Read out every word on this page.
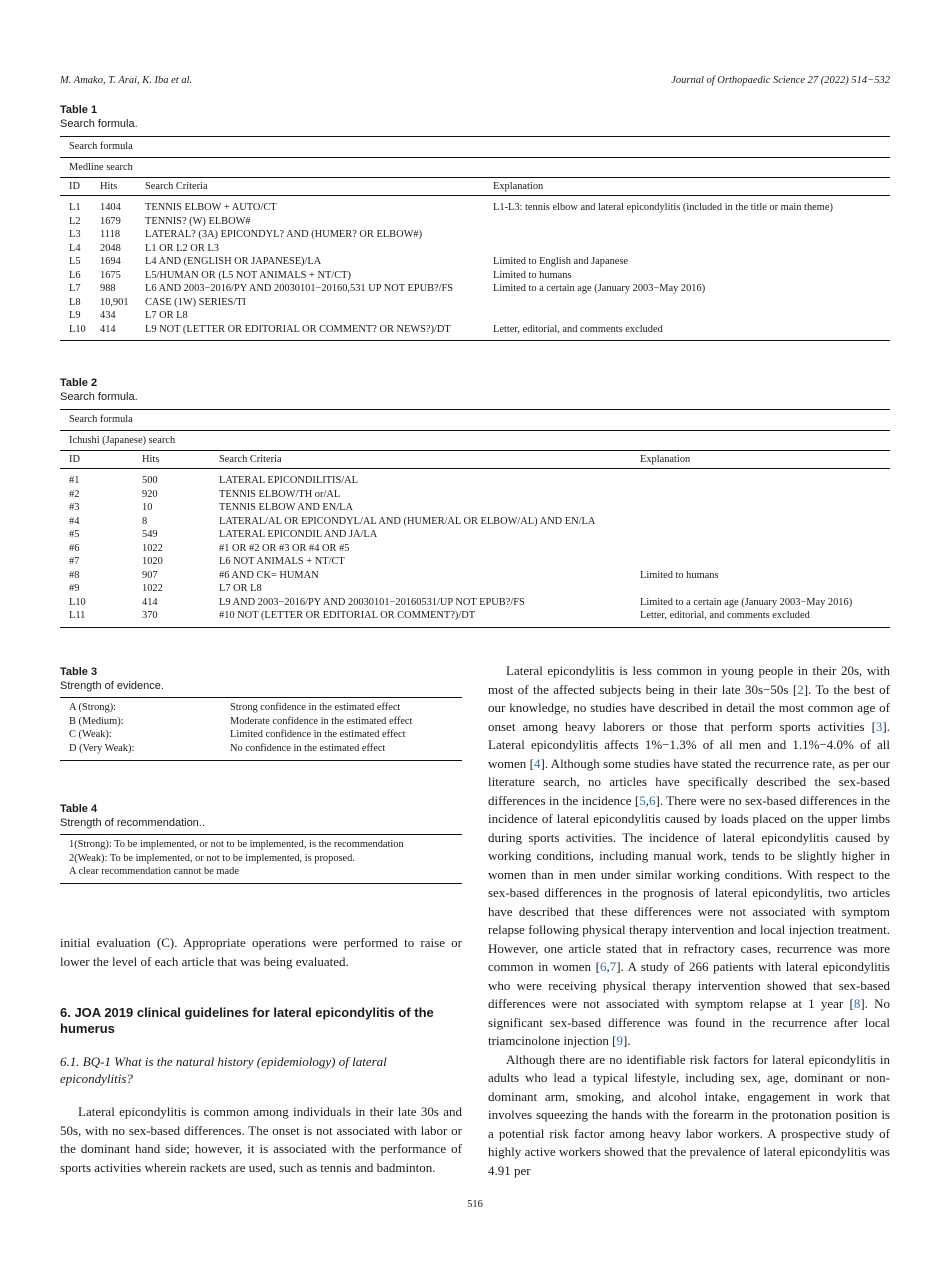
M. Amako, T. Arai, K. Iba et al.	Journal of Orthopaedic Science 27 (2022) 514−532
Table 1
Search formula.
Search formula			
Medline search			
ID	Hits	Search Criteria	Explanation
L1	1404	TENNIS ELBOW + AUTO/CT	L1-L3: tennis elbow and lateral epicondylitis (included in the title or main theme)
L2	1679	TENNIS? (W) ELBOW#	
L3	1118	LATERAL? (3A) EPICONDYL? AND (HUMER? OR ELBOW#)	
L4	2048	L1 OR L2 OR L3	
L5	1694	L4 AND (ENGLISH OR JAPANESE)/LA	Limited to English and Japanese
L6	1675	L5/HUMAN OR (L5 NOT ANIMALS + NT/CT)	Limited to humans
L7	988	L6 AND 2003−2016/PY AND 20030101−20160,531 UP NOT EPUB?/FS	Limited to a certain age (January 2003−May 2016)
L8	10,901	CASE (1W) SERIES/TI	
L9	434	L7 OR L8	
L10	414	L9 NOT (LETTER OR EDITORIAL OR COMMENT? OR NEWS?)/DT	Letter, editorial, and comments excluded
Table 2
Search formula.
Search formula			
Ichushi (Japanese) search			
ID	Hits	Search Criteria	Explanation
#1	500	LATERAL EPICONDILITIS/AL	
#2	920	TENNIS ELBOW/TH or/AL	
#3	10	TENNIS ELBOW AND EN/LA	
#4	8	LATERAL/AL OR EPICONDYL/AL AND (HUMER/AL OR ELBOW/AL) AND EN/LA	
#5	549	LATERAL EPICONDIL AND JA/LA	
#6	1022	#1 OR #2 OR #3 OR #4 OR #5	
#7	1020	L6 NOT ANIMALS + NT/CT	
#8	907	#6 AND CK= HUMAN	Limited to humans
#9	1022	L7 OR L8	
L10	414	L9 AND 2003−2016/PY AND 20030101−20160531/UP NOT EPUB?/FS	Limited to a certain age (January 2003−May 2016)
L11	370	#10 NOT (LETTER OR EDITORIAL OR COMMENT?)/DT	Letter, editorial, and comments excluded
Table 3
Strength of evidence.

A (Strong):	Strong confidence in the estimated effect
B (Medium):	Moderate confidence in the estimated effect
C (Weak):	Limited confidence in the estimated effect
D (Very Weak):	No confidence in the estimated effect
Table 4
Strength of recommendation..

1(Strong): To be implemented, or not to be implemented, is the recommendation
2(Weak): To be implemented, or not to be implemented, is proposed.
A clear recommendation cannot be made

initial evaluation (C). Appropriate operations were performed to raise or lower the level of each article that was being evaluated.

6. JOA 2019 clinical guidelines for lateral epicondylitis of the humerus
6.1. BQ-1 What is the natural history (epidemiology) of lateral epicondylitis?

Lateral epicondylitis is common among individuals in their late 30s and 50s, with no sex-based differences. The onset is not associated with labor or the dominant hand side; however, it is associated with the performance of sports activities wherein rackets are used, such as tennis and badminton.

Lateral epicondylitis is less common in young people in their 20s, with most of the affected subjects being in their late 30s−50s [2]. To the best of our knowledge, no studies have described in detail the most common age of onset among heavy laborers or those that perform sports activities [3]. Lateral epicondylitis affects 1%−1.3% of all men and 1.1%−4.0% of all women [4]. Although some studies have stated the recurrence rate, as per our literature search, no articles have specifically described the sex-based differences in the incidence [5,6]. There were no sex-based differences in the incidence of lateral epicondylitis caused by loads placed on the upper limbs during sports activities. The incidence of lateral epicondylitis caused by working conditions, including manual work, tends to be slightly higher in women than in men under similar working conditions. With respect to the sex-based differences in the prognosis of lateral epicondylitis, two articles have described that these differences were not associated with symptom relapse following physical therapy intervention and local injection treatment. However, one article stated that in refractory cases, recurrence was more common in women [6,7]. A study of 266 patients with lateral epicondylitis who were receiving physical therapy intervention showed that sex-based differences were not associated with symptom relapse at 1 year [8]. No significant sex-based difference was found in the recurrence after local triamcinolone injection [9].

Although there are no identifiable risk factors for lateral epicondylitis in adults who lead a typical lifestyle, including sex, age, dominant or non-dominant arm, smoking, and alcohol intake, engagement in work that involves squeezing the hands with the forearm in the protonation position is a potential risk factor among heavy labor workers. A prospective study of highly active workers showed that the prevalence of lateral epicondylitis was 4.91 per

516
